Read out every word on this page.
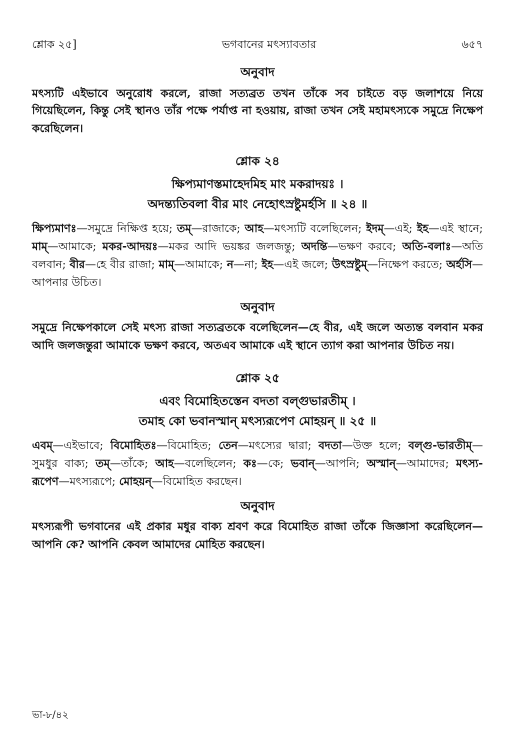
শ্লোক ২৫]	ভগবানের মৎস্যাবতার	৬৫৭
অনুবাদ

মৎস্যটি এইভাবে অনুরোধ করলে, রাজা সত্যব্রত তখন তাঁকে সব চাইতে বড় জলাশয়ে নিয়ে গিয়েছিলেন, কিন্তু সেই স্থানও তাঁর পক্ষে পর্যাপ্ত না হওয়ায়, রাজা তখন সেই মহামৎস্যকে সমুদ্রে নিক্ষেপ করেছিলেন।

শ্লোক ২৪
ক্ষিপ্যমাণস্তমাহেদমিহ মাং মকরাদয়ঃ ।
অদন্ত্যতিবলা বীর মাং নেহোৎস্রষ্টুমর্হসি ॥ ২৪ ॥

ক্ষিপ্যমাণঃ—সমুদ্রে নিক্ষিপ্ত হয়ে; তম্—রাজাকে; আহ—মৎস্যটি বলেছিলেন; ইদম্—এই; ইহ—এই স্থানে; মাম্—আমাকে; মকর-আদয়ঃ—মকর আদি ভয়ঙ্কর জলজন্তু; অদন্তি—ভক্ষণ করবে; অতি-বলাঃ—অতি বলবান; বীর—হে বীর রাজা; মাম্—আমাকে; ন—না; ইহ—এই জলে; উৎস্রষ্টুম্—নিক্ষেপ করতে; অর্হসি—আপনার উচিত।

অনুবাদ

সমুদ্রে নিক্ষেপকালে সেই মৎস্য রাজা সত্যব্রতকে বলেছিলেন—হে বীর, এই জলে অত্যন্ত বলবান মকর আদি জলজন্তুরা আমাকে ভক্ষণ করবে, অতএব আমাকে এই স্থানে ত্যাগ করা আপনার উচিত নয়।

শ্লোক ২৫
এবং বিমোহিতস্তেন বদতা বল্গুভারতীম্ ।
তমাহ কো ভবানস্মান্ মৎস্যরূপেণ মোহয়ন্ ॥ ২৫ ॥

এবম্—এইভাবে; বিমোহিতঃ—বিমোহিত; তেন—মৎস্যের দ্বারা; বদতা—উক্ত হলে; বল্গু-ভারতীম্—সুমধুর বাক্য; তম্—তাঁকে; আহ—বলেছিলেন; কঃ—কে; ভবান্—আপনি; অস্মান্—আমাদের; মৎস্য-রূপেণ—মৎস্যরূপে; মোহয়ন্—বিমোহিত করছেন।

অনুবাদ

মৎস্যরূপী ভগবানের এই প্রকার মধুর বাক্য শ্রবণ করে বিমোহিত রাজা তাঁকে জিজ্ঞাসা করেছিলেন—আপনি কে? আপনি কেবল আমাদের মোহিত করছেন।

ভা-৮/৪২
